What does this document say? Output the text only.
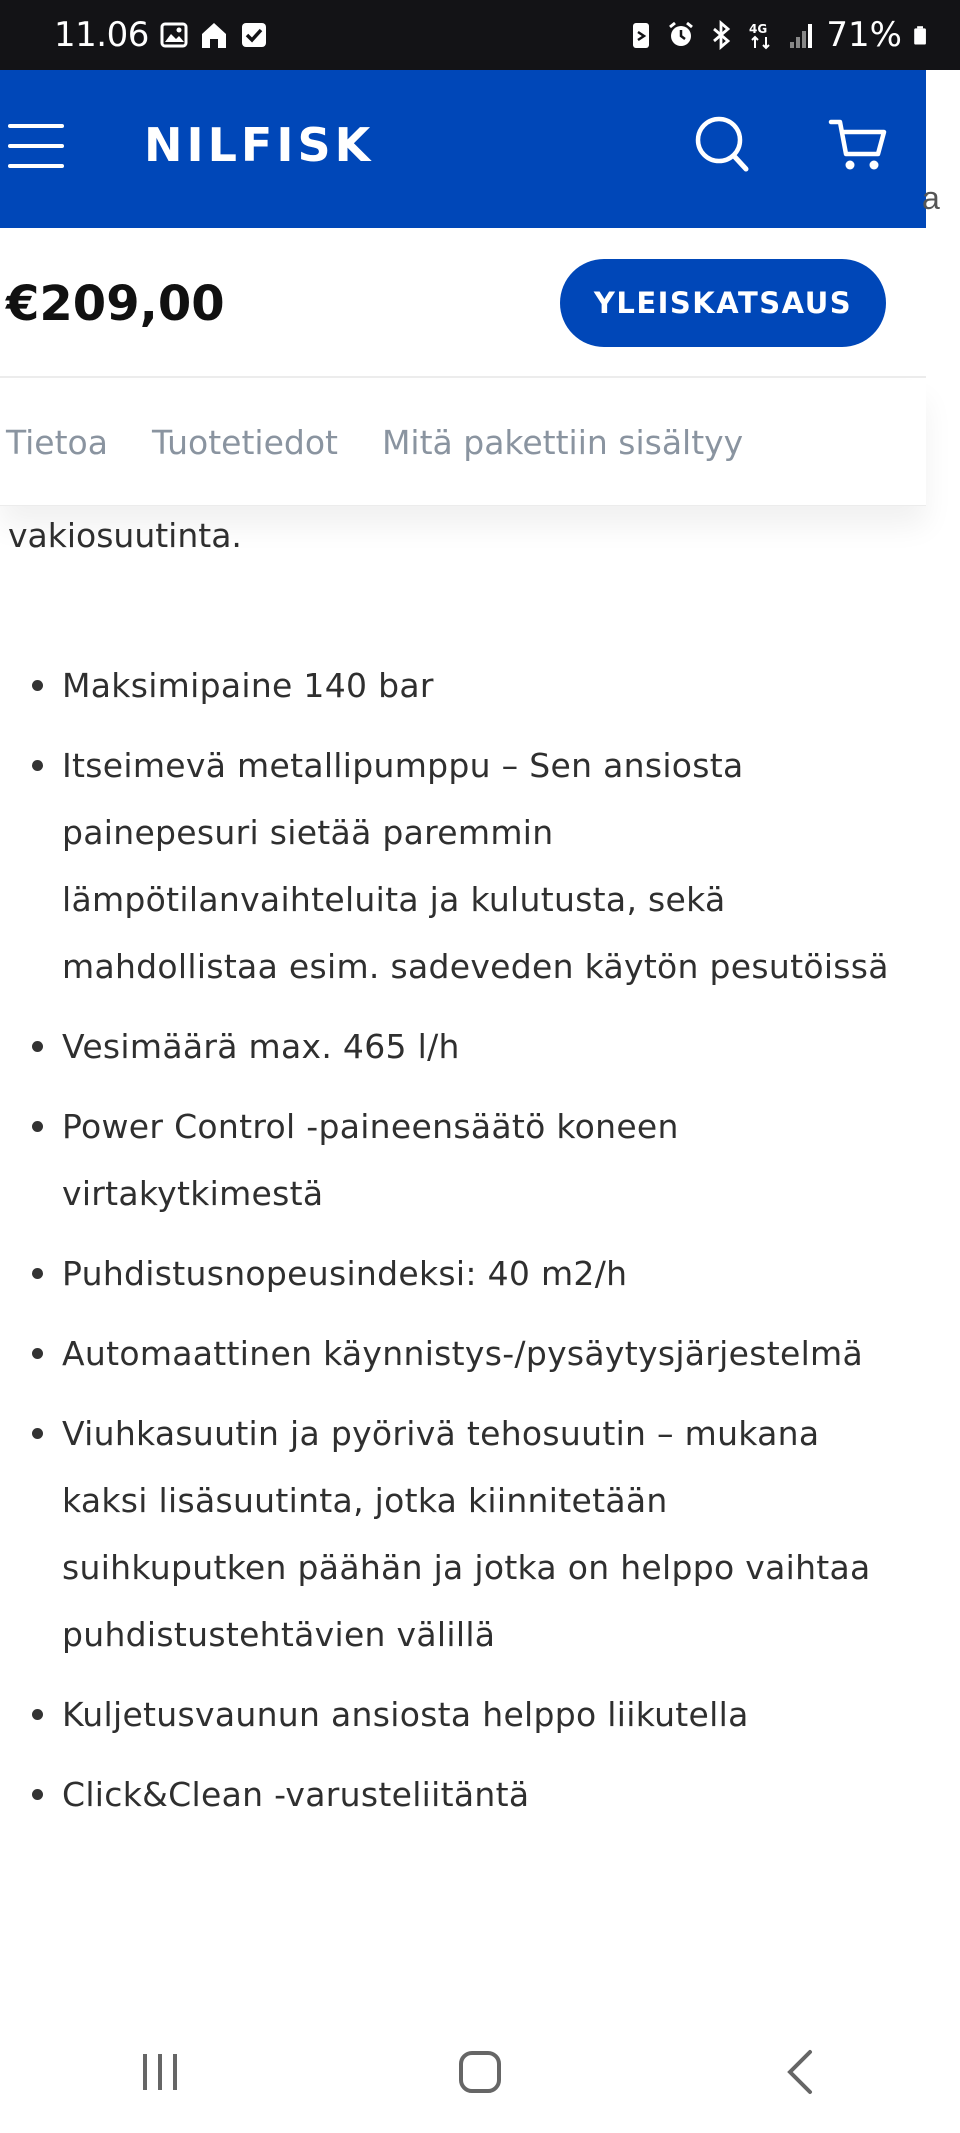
11.06	4G 71%
NILFISK
a
€209,00	YLEISKATSAUS
Tietoa Tuotetiedot Mitä pakettiin sisältyy
vakiosuutinta.
Maksimipaine 140 bar
Itseimevä metallipumppu – Sen ansiosta
painepesuri sietää paremmin
lämpötilanvaihteluita ja kulutusta, sekä
mahdollistaa esim. sadeveden käytön pesutöissä
Vesimäärä max. 465 l/h
Power Control -paineensäätö koneen
virtakytkimestä
Puhdistusnopeusindeksi: 40 m2/h
Automaattinen käynnistys-/pysäytysjärjestelmä
Viuhkasuutin ja pyörivä tehosuutin – mukana
kaksi lisäsuutinta, jotka kiinnitetään
suihkuputken päähän ja jotka on helppo vaihtaa
puhdistustehtävien välillä
Kuljetusvaunun ansiosta helppo liikutella
Click&Clean -varusteliitäntä
